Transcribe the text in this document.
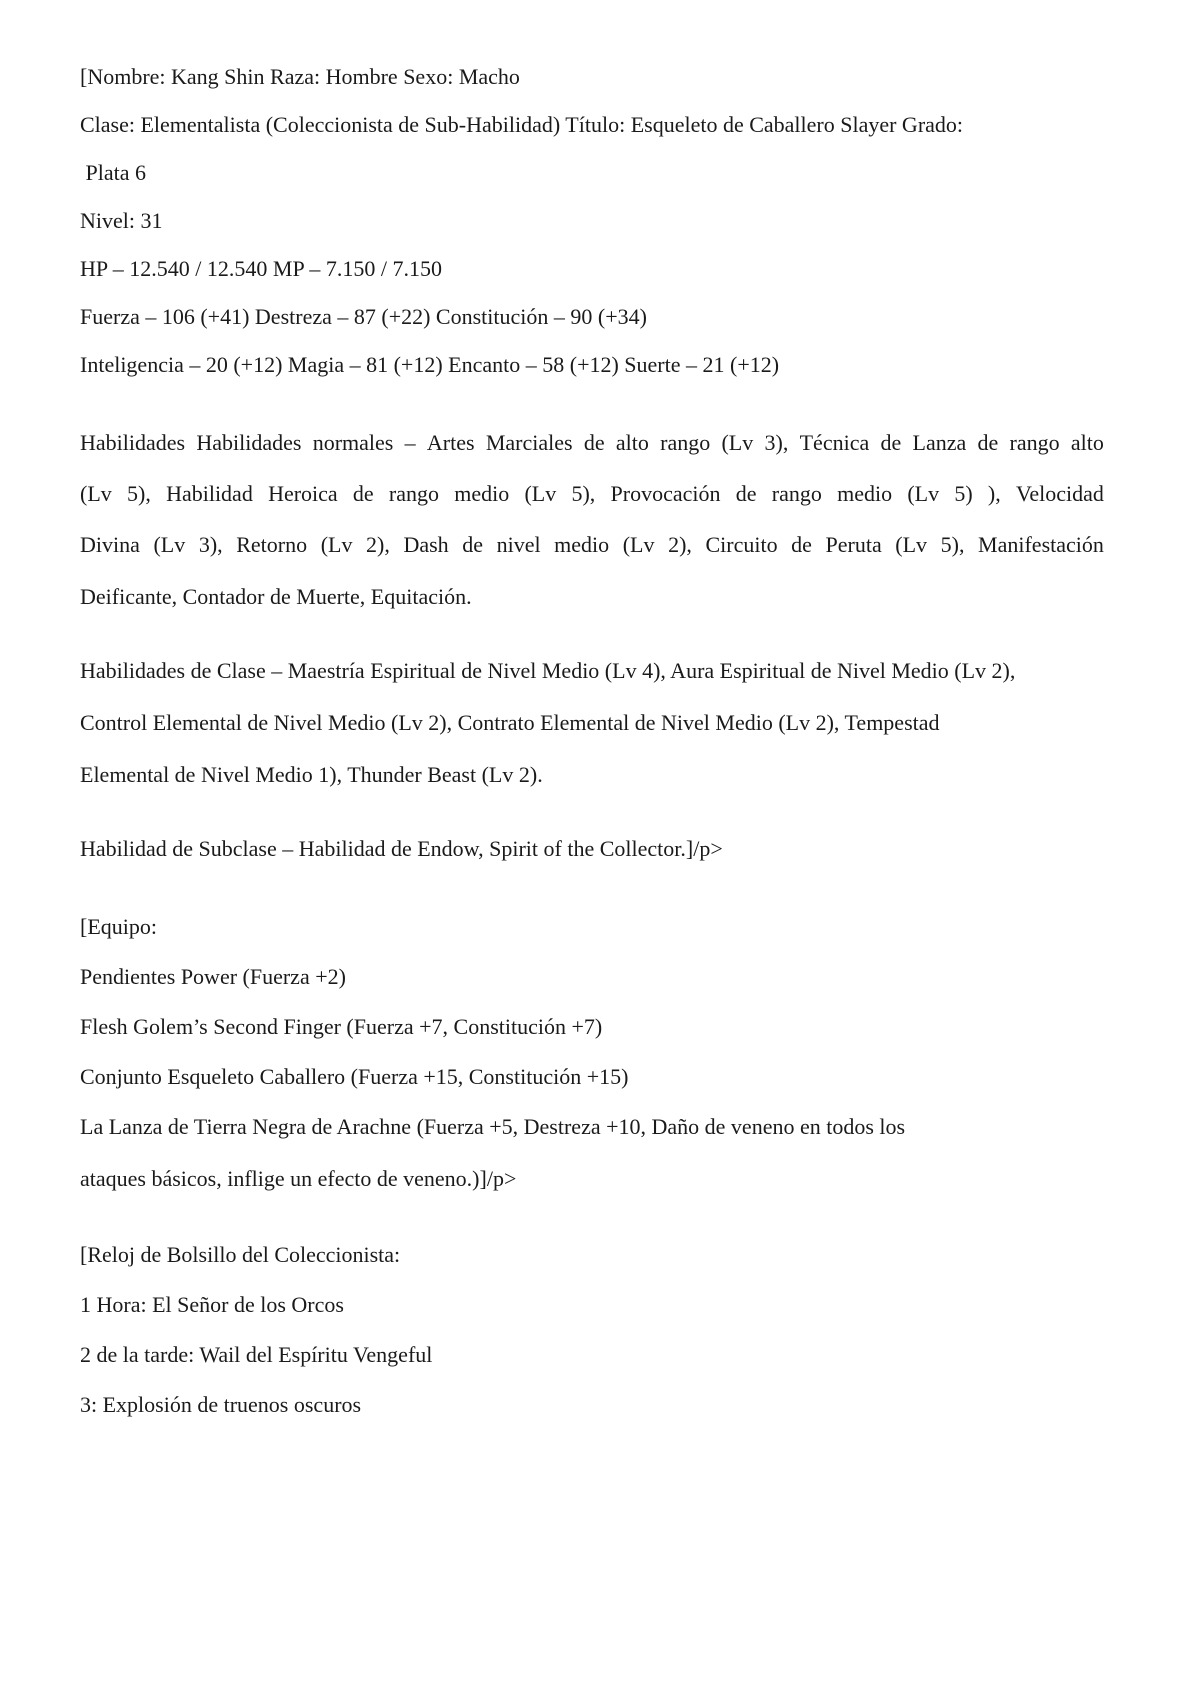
[Nombre: Kang Shin Raza: Hombre Sexo: Macho
Clase: Elementalista (Coleccionista de Sub-Habilidad) Título: Esqueleto de Caballero Slayer Grado:
Plata 6
Nivel: 31
HP – 12.540 / 12.540 MP – 7.150 / 7.150
Fuerza – 106 (+41) Destreza – 87 (+22) Constitución – 90 (+34)
Inteligencia – 20 (+12) Magia – 81 (+12) Encanto – 58 (+12) Suerte – 21 (+12)
Habilidades Habilidades normales – Artes Marciales de alto rango (Lv 3), Técnica de Lanza de rango alto
(Lv 5), Habilidad Heroica de rango medio (Lv 5), Provocación de rango medio (Lv 5) ), Velocidad
Divina (Lv 3), Retorno (Lv 2), Dash de nivel medio (Lv 2), Circuito de Peruta (Lv 5), Manifestación
Deificante, Contador de Muerte, Equitación.
Habilidades de Clase – Maestría Espiritual de Nivel Medio (Lv 4), Aura Espiritual de Nivel Medio (Lv 2),
Control Elemental de Nivel Medio (Lv 2), Contrato Elemental de Nivel Medio (Lv 2), Tempestad
Elemental de Nivel Medio 1), Thunder Beast (Lv 2).
Habilidad de Subclase – Habilidad de Endow, Spirit of the Collector.]/p>
[Equipo:
Pendientes Power (Fuerza +2)
Flesh Golem’s Second Finger (Fuerza +7, Constitución +7)
Conjunto Esqueleto Caballero (Fuerza +15, Constitución +15)
La Lanza de Tierra Negra de Arachne (Fuerza +5, Destreza +10, Daño de veneno en todos los
ataques básicos, inflige un efecto de veneno.)]/p>
[Reloj de Bolsillo del Coleccionista:
1 Hora: El Señor de los Orcos
2 de la tarde: Wail del Espíritu Vengeful
3: Explosión de truenos oscuros
